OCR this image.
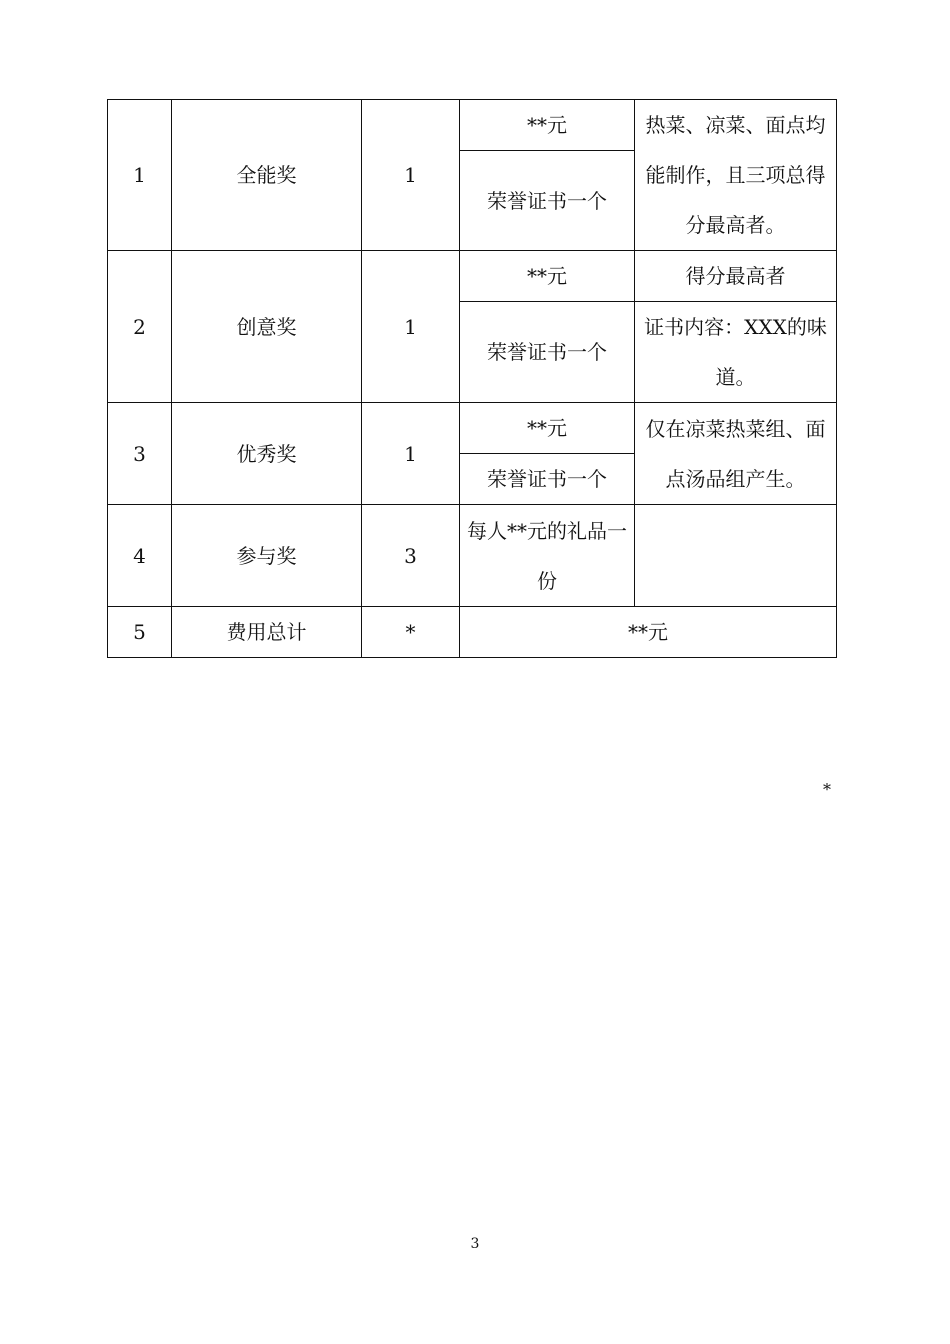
1	全能奖	1	**元	热菜、凉菜、面点均能制作，且三项总得分最高者。
			荣誉证书一个	
2	创意奖	1	**元	得分最高者
			荣誉证书一个	证书内容：XXX的味道。
3	优秀奖	1	**元	仅在凉菜热菜组、面点汤品组产生。
			荣誉证书一个	
4	参与奖	3	每人**元的礼品一份	
5	费用总计	*	**元	
*
3
